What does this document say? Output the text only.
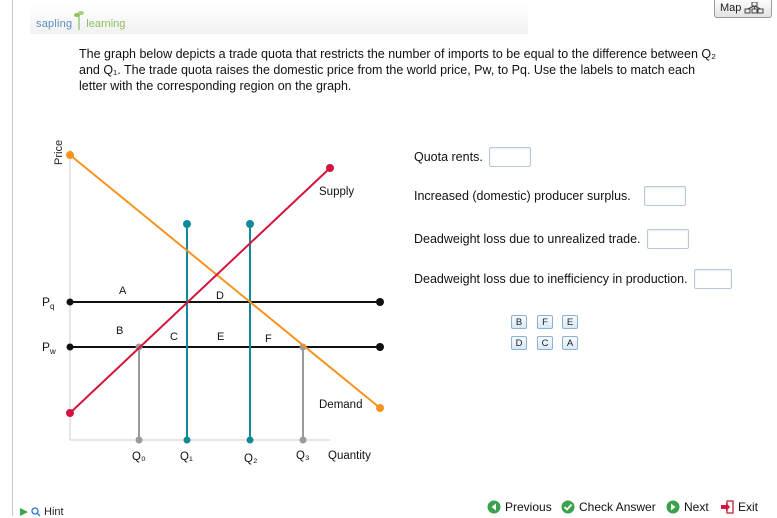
sapling learning
Map
The graph below depicts a trade quota that restricts the number of imports to be equal to the difference between Q₂ and Q₁. The trade quota raises the domestic price from the world price, Pw, to Pq. Use the labels to match each letter with the corresponding region on the graph.
Price
$P_q$
$P_w$
Supply
Demand
A
B	C
D
E	F
Q₀	Q₁	Q₂	Q₃ Quantity
Quota rents.
Increased (domestic) producer surplus.
Deadweight loss due to unrealized trade.
Deadweight loss due to inefficiency in production.
B	F	E
D	C	A
Hint	Previous Check Answer Next Exit
